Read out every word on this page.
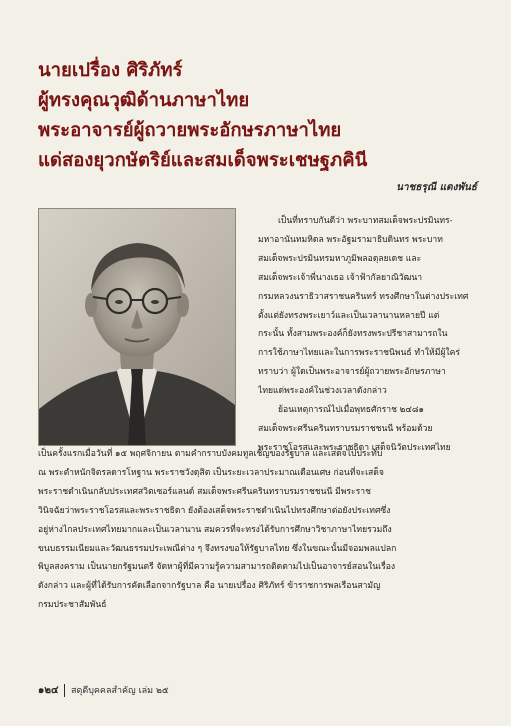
นายเปรื่อง ศิริภัทร์
ผู้ทรงคุณวุฒิด้านภาษาไทย
พระอาจารย์ผู้ถวายพระอักษรภาษาไทย
แด่สองยุวกษัตริย์และสมเด็จพระเชษฐภคินี
นาชธรุณี แดงพันธ์
เป็นที่ทราบกันดีว่า พระบาทสมเด็จพระปรมินทร-
มหาอานันทมหิดล พระอัฐมรามาธิบดินทร พระบาท
สมเด็จพระปรมินทรมหาภูมิพลอดุลยเดช และ
สมเด็จพระเจ้าพี่นางเธอ เจ้าฟ้ากัลยาณิวัฒนา
กรมหลวงนราธิวาสราชนครินทร์ ทรงศึกษาในต่างประเทศ
ตั้งแต่ยังทรงพระเยาว์และเป็นเวลานานหลายปี แต่
กระนั้น ทั้งสามพระองค์ก็ยังทรงพระปรีชาสามารถใน
การใช้ภาษาไทยและในการพระราชนิพนธ์ ทำให้มีผู้ใคร่
ทราบว่า ผู้ใดเป็นพระอาจารย์ผู้ถวายพระอักษรภาษา
ไทยแด่พระองค์ในช่วงเวลาดังกล่าว
ย้อนเหตุการณ์ไปเมื่อพุทธศักราช ๒๔๘๑
สมเด็จพระศรีนครินทราบรมราชชนนี พร้อมด้วย
พระราชโอรสและพระราชธิดา เสด็จนิวัตประเทศไทย
เป็นครั้งแรกเมื่อวันที่ ๑๕ พฤศจิกายน ตามคำกราบบังคมทูลเชิญของรัฐบาล และเสด็จไปประทับ
ณ พระตำหนักจิตรลดารโหฐาน พระราชวังดุสิต เป็นระยะเวลาประมาณเดือนเศษ ก่อนที่จะเสด็จ
พระราชดำเนินกลับประเทศสวิตเซอร์แลนด์ สมเด็จพระศรีนครินทราบรมราชชนนี มีพระราช
วินิจฉัยว่าพระราชโอรสและพระราชธิดา ยังต้องเสด็จพระราชดำเนินไปทรงศึกษาต่อยังประเทศซึ่ง
อยู่ห่างไกลประเทศไทยมากและเป็นเวลานาน สมควรที่จะทรงได้รับการศึกษาวิชาภาษาไทยรวมถึง
ขนบธรรมเนียมและวัฒนธรรมประเพณีต่าง ๆ จึงทรงขอให้รัฐบาลไทย ซึ่งในขณะนั้นมีจอมพลแปลก
พิบูลสงคราม เป็นนายกรัฐมนตรี จัดหาผู้ที่มีความรู้ความสามารถติดตามไปเป็นอาจารย์สอนในเรื่อง
ดังกล่าว และผู้ที่ได้รับการคัดเลือกจากรัฐบาล คือ นายเปรื่อง ศิริภัทร์ ข้าราชการพลเรือนสามัญ
กรมประชาสัมพันธ์
๑๒๔ สดุดีบุคคลสำคัญ เล่ม ๒๕
